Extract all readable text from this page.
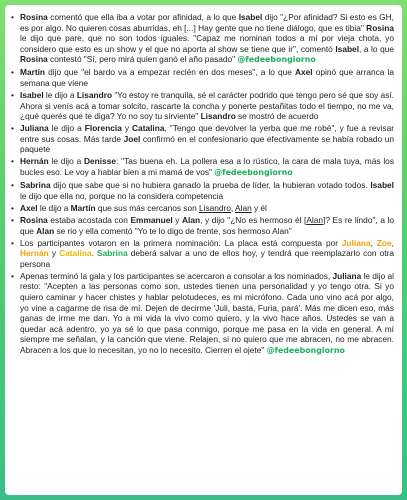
• Rosina comentó que ella iba a votar por afinidad, a lo que Isabel dijo "¿Por afinidad? Si esto es GH, es por algo. No quieren cosas aburridas, eh [...] Hay gente que no tiene diálogo, que es tibia" Rosina le dijo que pare, que no son todos iguales. "Capaz me nominan todos a mí por vieja chota, yo considero que esto es un show y el que no aporta al show se tiene que ir", comentó Isabel, a lo que Rosina contestó "Sí, pero mirá quien ganó el año pasado" @fedeebongiorno
• Martín dijo que "el bardo va a empezar recién en dos meses", a lo que Axel opinó que arranca la semana que viene
• Isabel le dijo a Lisandro "Yo estoy re tranquila, sé el carácter podrido que tengo pero sé que soy así. Ahora si venís acá a tomar solcito, rascarte la concha y ponerte pestañitas todo el tiempo, no me va, ¿qué querés que te diga? Yo no soy tu sirviente" Lisandro se mostró de acuerdo
• Juliana le dijo a Florencia y Catalina, "Tengo que devolver la yerba que me robé", y fue a revisar entre sus cosas. Más tarde Joel confirmó en el confesionario que efectivamente se había robado un paquete
• Hernán le dijo a Denisse: "Tas buena eh. La pollera esa a lo rústico, la cara de mala tuya, más los bucles eso. Le voy a hablar bien a mi mamá de vos" @fedeebongiorno
• Sabrina dijo que sabe que si no hubiera ganado la prueba de líder, la hubieran votado todos. Isabel le dijo que ella no, porque no la considera competencia
• Axel le dijo a Martín que sus más cercanos son Lisandro, Alan y él
• Rosina estaba acostada con Emmanuel y Alan, y dijo "¿No es hermoso él [Alan]? Es re lindo", a lo que Alan se rio y ella comentó "Yo te lo digo de frente, sos hermoso Alan"
• Los participantes votaron en la primera nominación. La placa está compuesta por Juliana, Zoe, Hernán y Catalina. Sabrina deberá salvar a uno de ellos hoy, y tendrá que reemplazarlo con otra persona
• Apenas terminó la gala y los participantes se acercaron a consolar a los nominados, Juliana le dijo al resto: "Acepten a las personas como son, ustedes tienen una personalidad y yo tengo otra. Si yo quiero caminar y hacer chistes y hablar pelotudeces, es mi micrófono. Cada uno vino acá por algo, yo vine a cagarme de risa de mí. Dejen de decirme 'Juli, basta, Furia, pará'. Más me dicen eso, más ganas de irme me dan. Yo a mi vida la vivo como quiero, y la vivo hace años. Ustedes se van a quedar acá adentro, yo ya sé lo que pasa conmigo, porque me pasa en la vida en general. A mí siempre me señalan, y la canción que viene. Relajen, si no quiero que me abracen, no me abracen. Abracen a los que lo necesitan, yo no lo necesito. Cierren el ojete" @fedeebongiorno
